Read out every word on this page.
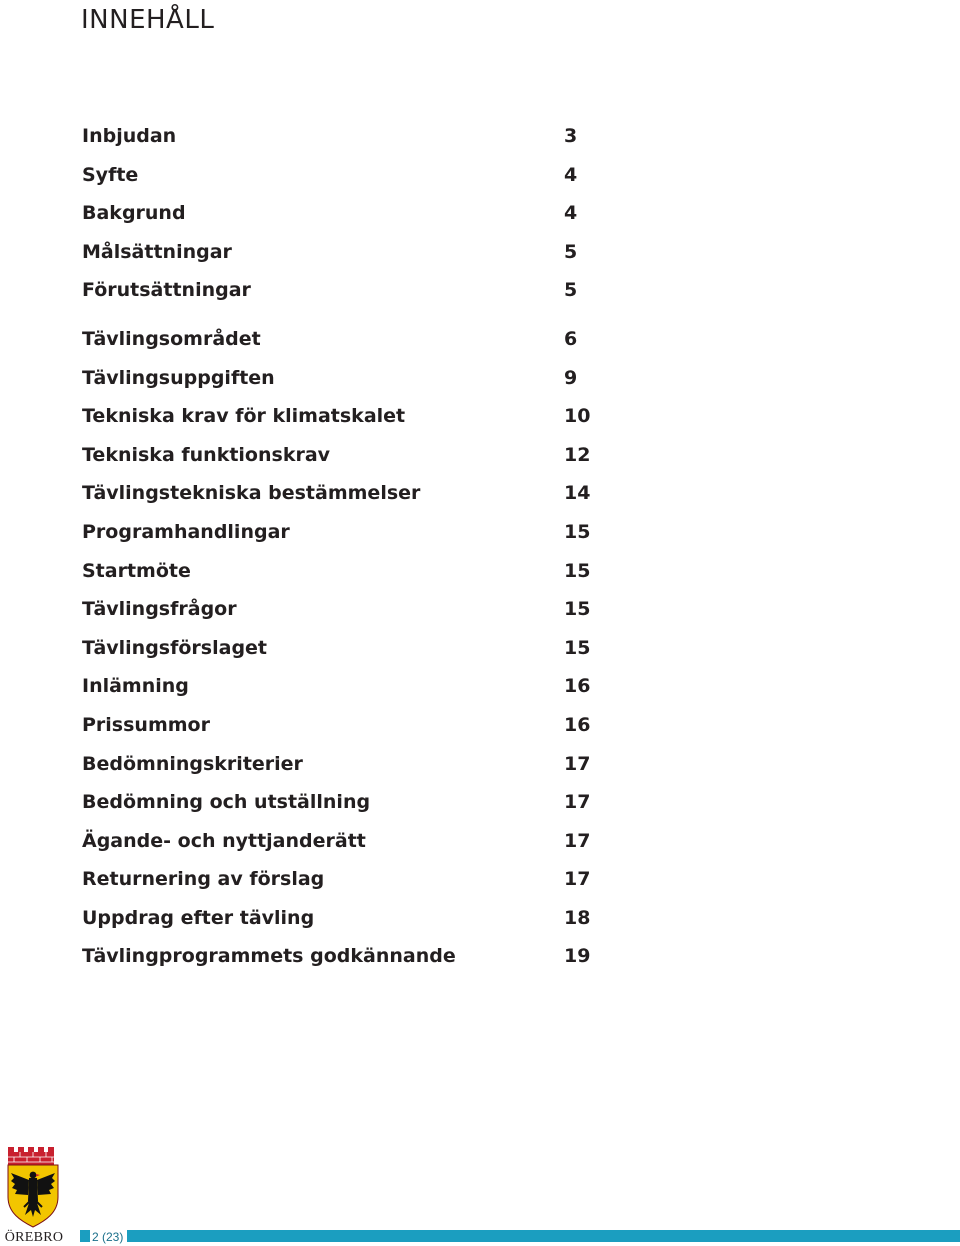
INNEHÅLL
Inbjudan	3
Syfte	4
Bakgrund	4
Målsättningar	5
Förutsättningar	5
Tävlingsområdet	6
Tävlingsuppgiften	9
Tekniska krav för klimatskalet	10
Tekniska funktionskrav	12
Tävlingstekniska bestämmelser	14
Programhandlingar	15
Startmöte	15
Tävlingsfrågor	15
Tävlingsförslaget	15
Inlämning	16
Prissummor	16
Bedömningskriterier	17
Bedömning och utställning	17
Ägande- och nyttjanderätt	17
Returnering av förslag	17
Uppdrag efter tävling	18
Tävlingprogrammets godkännande	19
ÖREBRO 2 (23)
